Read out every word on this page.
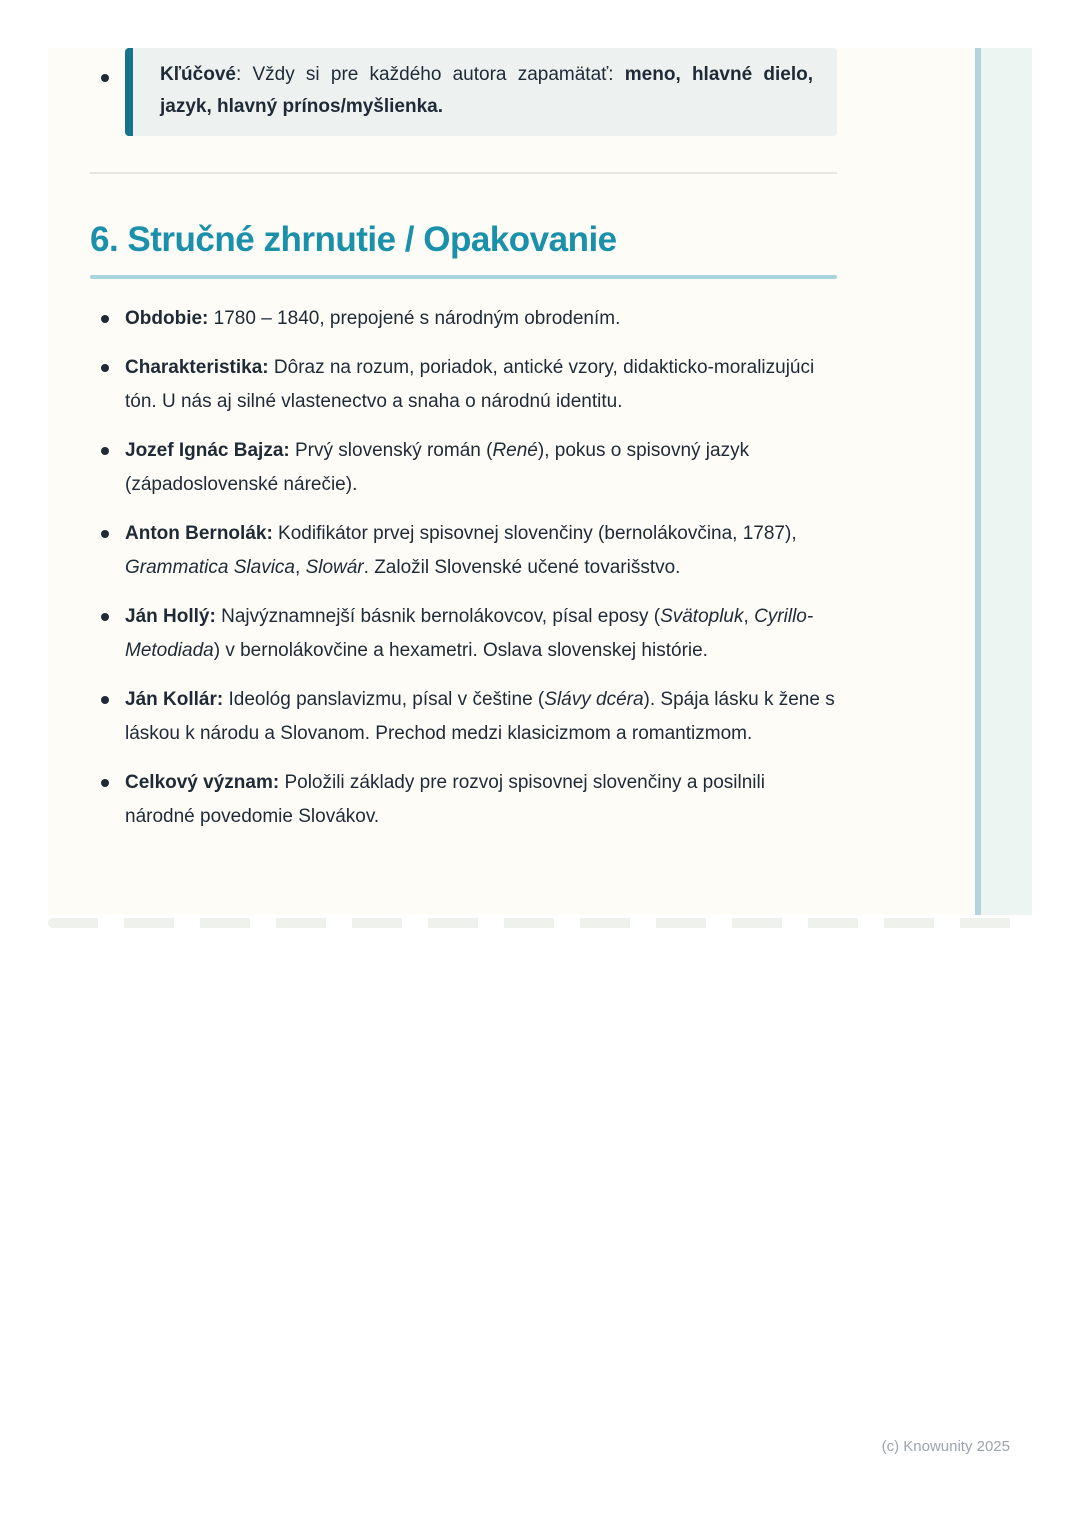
Kľúčové: Vždy si pre každého autora zapamätať: meno, hlavné dielo, jazyk, hlavný prínos/myšlienka.

6. Stručné zhrnutie / Opakovanie
Obdobie: 1780 – 1840, prepojené s národným obrodením.
Charakteristika: Dôraz na rozum, poriadok, antické vzory, didakticko-moralizujúci tón. U nás aj silné vlastenectvo a snaha o národnú identitu.
Jozef Ignác Bajza: Prvý slovenský román (René), pokus o spisovný jazyk (západoslovenské nárečie).
Anton Bernolák: Kodifikátor prvej spisovnej slovenčiny (bernolákovčina, 1787), Grammatica Slavica, Slowár. Založil Slovenské učené tovarišstvo.
Ján Hollý: Najvýznamnejší básnik bernolákovcov, písal eposy (Svätopluk, Cyrillo-Metodiada) v bernolákovčine a hexametri. Oslava slovenskej histórie.
Ján Kollár: Ideológ panslavizmu, písal v češtine (Slávy dcéra). Spája lásku k žene s láskou k národu a Slovanom. Prechod medzi klasicizmom a romantizmom.
Celkový význam: Položili základy pre rozvoj spisovnej slovenčiny a posilnili národné povedomie Slovákov.
(c) Knowunity 2025
